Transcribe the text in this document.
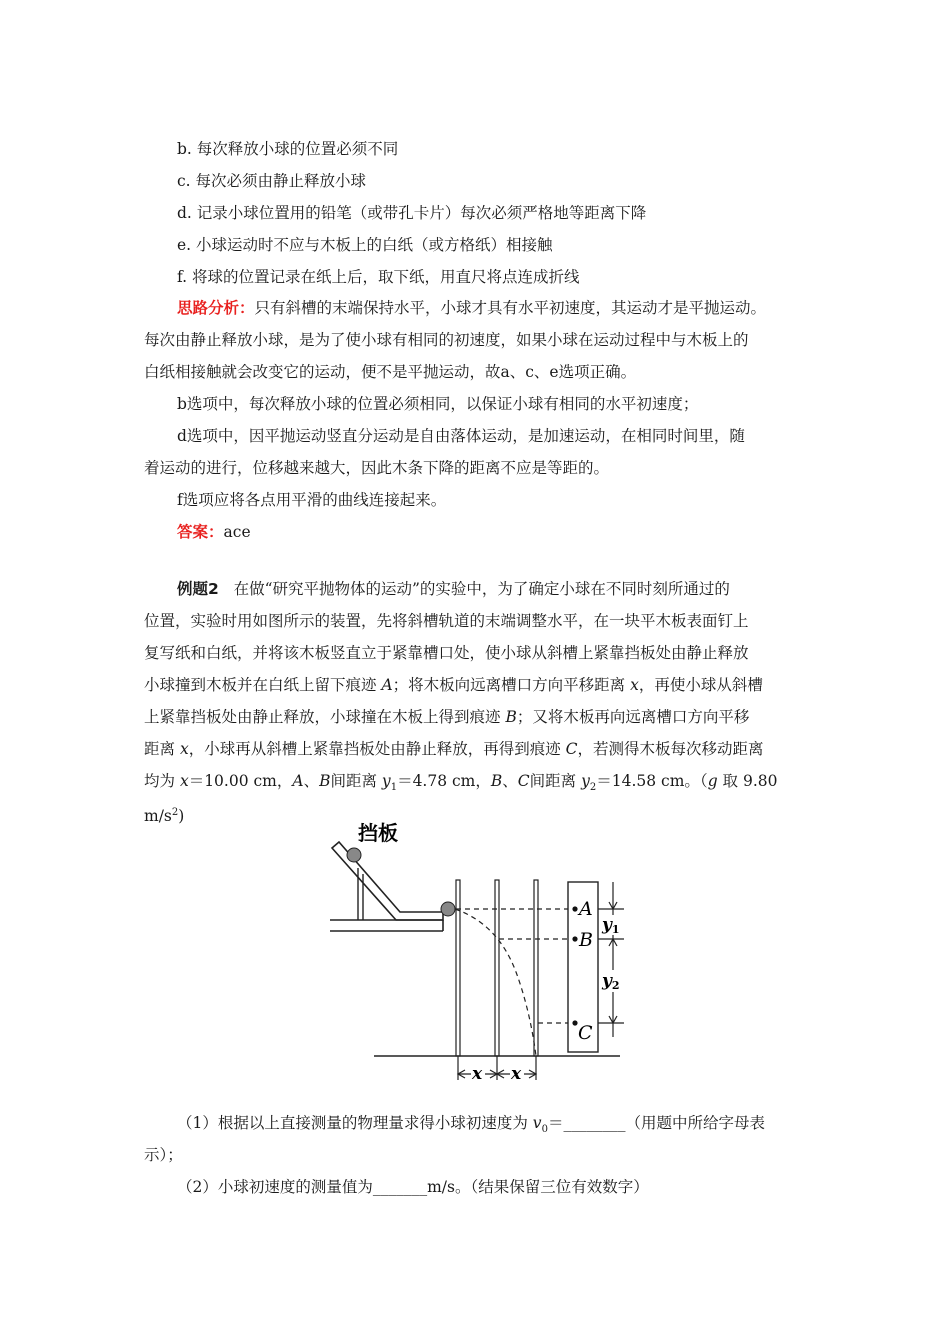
b. 每次释放小球的位置必须不同
c. 每次必须由静止释放小球
d. 记录小球位置用的铅笔（或带孔卡片）每次必须严格地等距离下降
e. 小球运动时不应与木板上的白纸（或方格纸）相接触
f. 将球的位置记录在纸上后，取下纸，用直尺将点连成折线
思路分析：只有斜槽的末端保持水平，小球才具有水平初速度，其运动才是平抛运动。
每次由静止释放小球，是为了使小球有相同的初速度，如果小球在运动过程中与木板上的
白纸相接触就会改变它的运动，便不是平抛运动，故a、c、e选项正确。
b选项中，每次释放小球的位置必须相同，以保证小球有相同的水平初速度；
d选项中，因平抛运动竖直分运动是自由落体运动，是加速运动，在相同时间里，随
着运动的进行，位移越来越大，因此木条下降的距离不应是等距的。
f选项应将各点用平滑的曲线连接起来。
答案：ace
例题2 在做“研究平抛物体的运动”的实验中，为了确定小球在不同时刻所通过的
位置，实验时用如图所示的装置，先将斜槽轨道的末端调整水平，在一块平木板表面钉上
复写纸和白纸，并将该木板竖直立于紧靠槽口处，使小球从斜槽上紧靠挡板处由静止释放
小球撞到木板并在白纸上留下痕迹 A；将木板向远离槽口方向平移距离 x，再使小球从斜槽
上紧靠挡板处由静止释放，小球撞在木板上得到痕迹 B；又将木板再向远离槽口方向平移
距离 x，小球再从斜槽上紧靠挡板处由静止释放，再得到痕迹 C，若测得木板每次移动距离
均为 x＝10.00 cm，A、B间距离 $y_1=4.78$ cm，B、C间距离 $y_2=14.58$ cm。（g 取 9.80
$m/s^2$)
挡板
A
B
C
y1
y2
x x
（1）根据以上直接测量的物理量求得小球初速度为 $v_0=\_\_\_\_\_\_\_\_$（用题中所给字母表
示）；
（2）小球初速度的测量值为_______m/s。（结果保留三位有效数字）
